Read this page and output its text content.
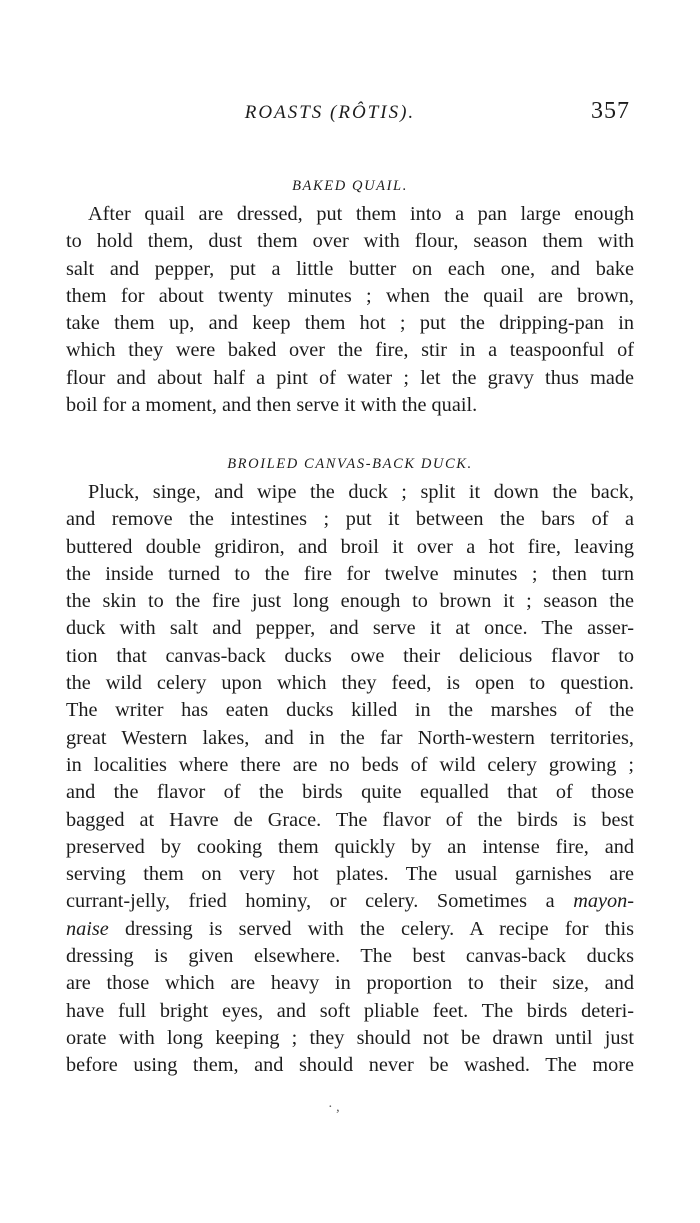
ROASTS (RÔTIS).	357
BAKED QUAIL.

After quail are dressed, put them into a pan large enough
to hold them, dust them over with flour, season them with
salt and pepper, put a little butter on each one, and bake
them for about twenty minutes ; when the quail are brown,
take them up, and keep them hot ; put the dripping-pan in
which they were baked over the fire, stir in a teaspoonful of
flour and about half a pint of water ; let the gravy thus made
boil for a moment, and then serve it with the quail.

BROILED CANVAS-BACK DUCK.

Pluck, singe, and wipe the duck ; split it down the back,
and remove the intestines ; put it between the bars of a
buttered double gridiron, and broil it over a hot fire, leaving
the inside turned to the fire for twelve minutes ; then turn
the skin to the fire just long enough to brown it ; season the
duck with salt and pepper, and serve it at once. The asser-
tion that canvas-back ducks owe their delicious flavor to
the wild celery upon which they feed, is open to question.
The writer has eaten ducks killed in the marshes of the
great Western lakes, and in the far North-western territories,
in localities where there are no beds of wild celery growing ;
and the flavor of the birds quite equalled that of those
bagged at Havre de Grace. The flavor of the birds is best
preserved by cooking them quickly by an intense fire, and
serving them on very hot plates. The usual garnishes are
currant-jelly, fried hominy, or celery. Sometimes a mayon-
naise dressing is served with the celery. A recipe for this
dressing is given elsewhere. The best canvas-back ducks
are those which are heavy in proportion to their size, and
have full bright eyes, and soft pliable feet. The birds deteri-
orate with long keeping ; they should not be drawn until just
before using them, and should never be washed. The more

· ,
